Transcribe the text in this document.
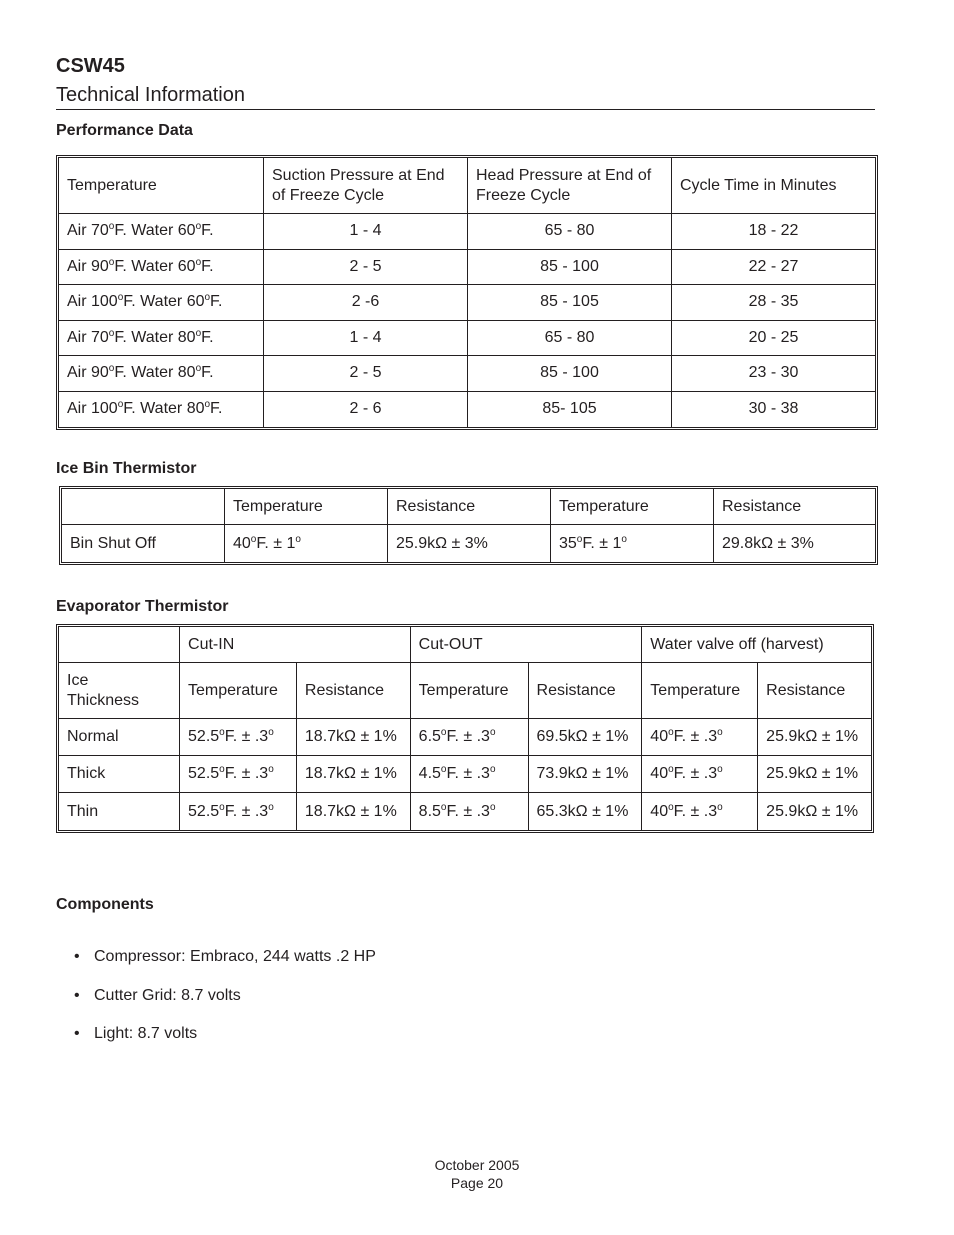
CSW45
Technical Information
Performance Data
Temperature	Suction Pressure at End of Freeze Cycle	Head Pressure at End of Freeze Cycle	Cycle Time in Minutes
Air 70$^o$F. Water 60$^o$F.	1 - 4	65 - 80	18 - 22
Air 90$^o$F. Water 60$^o$F.	2 - 5	85 - 100	22 - 27
Air 100$^o$F. Water 60$^o$F.	2 -6	85 - 105	28 - 35
Air 70$^o$F. Water 80$^o$F.	1 - 4	65 - 80	20 - 25
Air 90$^o$F. Water 80$^o$F.	2 - 5	85 - 100	23 - 30
Air 100$^o$F. Water 80$^o$F.	2 - 6	85- 105	30 - 38
Ice Bin Thermistor
	Temperature	Resistance	Temperature	Resistance
Bin Shut Off	$40^oF$. ± $1^o$	25.9kΩ ± 3%	$35^oF$. ± $1^o$	29.8kΩ ± 3%
Evaporator Thermistor
	Cut-IN		Cut-OUT		Water valve off (harvest)	
Ice Thickness	Temperature	Resistance	Temperature	Resistance	Temperature	Resistance
Normal	$52.5^oF$. ± $.3^o$	18.7kΩ ± 1%	$6.5^oF$. ± $.3^o$	69.5kΩ ± 1%	$40^oF$. ± $.3^o$	25.9kΩ ± 1%
Thick	$52.5^oF$. ± $.3^o$	18.7kΩ ± 1%	$4.5^oF$. ± $.3^o$	73.9kΩ ± 1%	$40^oF$. ± $.3^o$	25.9kΩ ± 1%
Thin	$52.5^oF$. ± $.3^o$	18.7kΩ ± 1%	$8.5^oF$. ± $.3^o$	65.3kΩ ± 1%	$40^oF$. ± $.3^o$	25.9kΩ ± 1%
Components
• Compressor: Embraco, 244 watts .2 HP
• Cutter Grid: 8.7 volts
• Light: 8.7 volts
October 2005
Page 20
